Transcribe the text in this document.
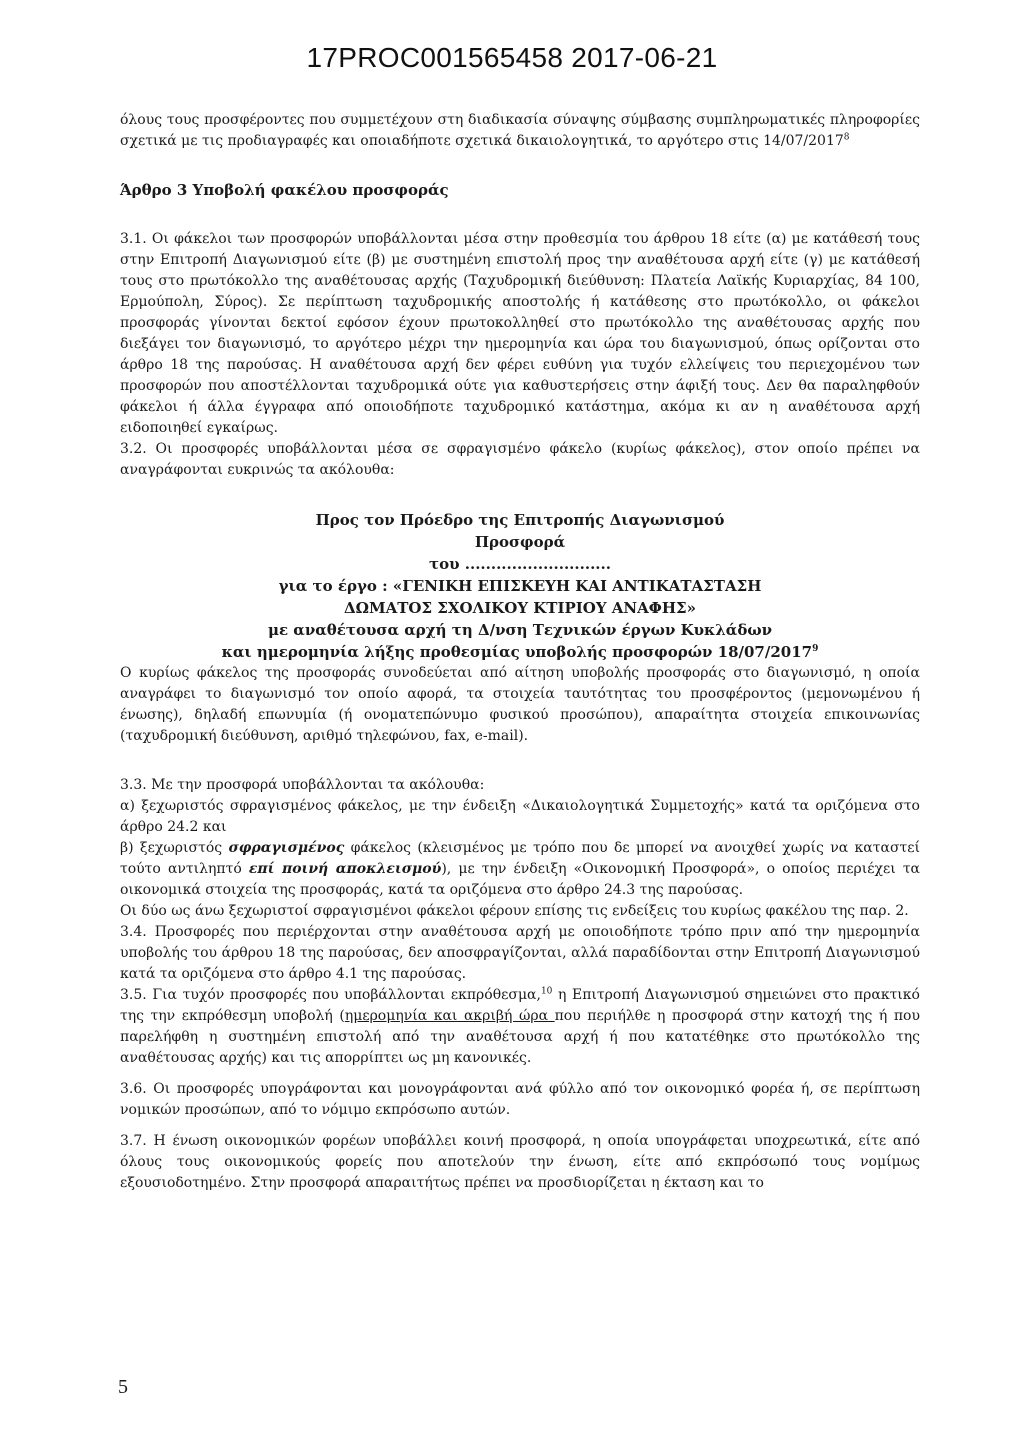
17PROC001565458 2017-06-21

όλους τους προσφέροντες που συμμετέχουν στη διαδικασία σύναψης σύμβασης συμπληρωματικές πληροφορίες σχετικά με τις προδιαγραφές και οποιαδήποτε σχετικά δικαιολογητικά, το αργότερο στις 14/07/2017$^8$

Άρθρο 3 Υποβολή φακέλου προσφοράς

3.1. Οι φάκελοι των προσφορών υποβάλλονται μέσα στην προθεσμία του άρθρου 18 είτε (α) με κατάθεσή τους στην Επιτροπή Διαγωνισμού είτε (β) με συστημένη επιστολή προς την αναθέτουσα αρχή είτε (γ) με κατάθεσή τους στο πρωτόκολλο της αναθέτουσας αρχής (Ταχυδρομική διεύθυνση: Πλατεία Λαϊκής Κυριαρχίας, 84 100, Ερμούπολη, Σύρος). Σε περίπτωση ταχυδρομικής αποστολής ή κατάθεσης στο πρωτόκολλο, οι φάκελοι προσφοράς γίνονται δεκτοί εφόσον έχουν πρωτοκολληθεί στο πρωτόκολλο της αναθέτουσας αρχής που διεξάγει τον διαγωνισμό, το αργότερο μέχρι την ημερομηνία και ώρα του διαγωνισμού, όπως ορίζονται στο άρθρο 18 της παρούσας. Η αναθέτουσα αρχή δεν φέρει ευθύνη για τυχόν ελλείψεις του περιεχομένου των προσφορών που αποστέλλονται ταχυδρομικά ούτε για καθυστερήσεις στην άφιξή τους. Δεν θα παραληφθούν φάκελοι ή άλλα έγγραφα από οποιοδήποτε ταχυδρομικό κατάστημα, ακόμα κι αν η αναθέτουσα αρχή ειδοποιηθεί εγκαίρως.

3.2. Οι προσφορές υποβάλλονται μέσα σε σφραγισμένο φάκελο (κυρίως φάκελος), στον οποίο πρέπει να αναγράφονται ευκρινώς τα ακόλουθα:

Προς τον Πρόεδρο της Επιτροπής Διαγωνισμού
Προσφορά
του ............................
για το έργο : «ΓΕΝΙΚΗ ΕΠΙΣΚΕΥΗ ΚΑΙ ΑΝΤΙΚΑΤΑΣΤΑΣΗ
ΔΩΜΑΤΟΣ ΣΧΟΛΙΚΟΥ ΚΤΙΡΙΟΥ ΑΝΑΦΗΣ»
με αναθέτουσα αρχή τη Δ/νση Τεχνικών έργων Κυκλάδων
και ημερομηνία λήξης προθεσμίας υποβολής προσφορών 18/07/2017$^9$

Ο κυρίως φάκελος της προσφοράς συνοδεύεται από αίτηση υποβολής προσφοράς στο διαγωνισμό, η οποία αναγράφει το διαγωνισμό τον οποίο αφορά, τα στοιχεία ταυτότητας του προσφέροντος (μεμονωμένου ή ένωσης), δηλαδή επωνυμία (ή ονοματεπώνυμο φυσικού προσώπου), απαραίτητα στοιχεία επικοινωνίας (ταχυδρομική διεύθυνση, αριθμό τηλεφώνου, fax, e-mail).

3.3. Με την προσφορά υποβάλλονται τα ακόλουθα:

α) ξεχωριστός σφραγισμένος φάκελος, με την ένδειξη «Δικαιολογητικά Συμμετοχής» κατά τα οριζόμενα στο άρθρο 24.2 και

β) ξεχωριστός σφραγισμένος φάκελος (κλεισμένος με τρόπο που δε μπορεί να ανοιχθεί χωρίς να καταστεί τούτο αντιληπτό επί ποινή αποκλεισμού), με την ένδειξη «Οικονομική Προσφορά», ο οποίος περιέχει τα οικονομικά στοιχεία της προσφοράς, κατά τα οριζόμενα στο άρθρο 24.3 της παρούσας.

Οι δύο ως άνω ξεχωριστοί σφραγισμένοι φάκελοι φέρουν επίσης τις ενδείξεις του κυρίως φακέλου της παρ. 2.

3.4. Προσφορές που περιέρχονται στην αναθέτουσα αρχή με οποιοδήποτε τρόπο πριν από την ημερομηνία υποβολής του άρθρου 18 της παρούσας, δεν αποσφραγίζονται, αλλά παραδίδονται στην Επιτροπή Διαγωνισμού κατά τα οριζόμενα στο άρθρο 4.1 της παρούσας.

3.5. Για τυχόν προσφορές που υποβάλλονται εκπρόθεσμα,$^{10}$ η Επιτροπή Διαγωνισμού σημειώνει στο πρακτικό της την εκπρόθεσμη υποβολή (ημερομηνία και ακριβή ώρα που περιήλθε η προσφορά στην κατοχή της ή που παρελήφθη η συστημένη επιστολή από την αναθέτουσα αρχή ή που κατατέθηκε στο πρωτόκολλο της αναθέτουσας αρχής) και τις απορρίπτει ως μη κανονικές.

3.6. Οι προσφορές υπογράφονται και μονογράφονται ανά φύλλο από τον οικονομικό φορέα ή, σε περίπτωση νομικών προσώπων, από το νόμιμο εκπρόσωπο αυτών.

3.7. Η ένωση οικονομικών φορέων υποβάλλει κοινή προσφορά, η οποία υπογράφεται υποχρεωτικά, είτε από όλους τους οικονομικούς φορείς που αποτελούν την ένωση, είτε από εκπρόσωπό τους νομίμως εξουσιοδοτημένο. Στην προσφορά απαραιτήτως πρέπει να προσδιορίζεται η έκταση και το

5
